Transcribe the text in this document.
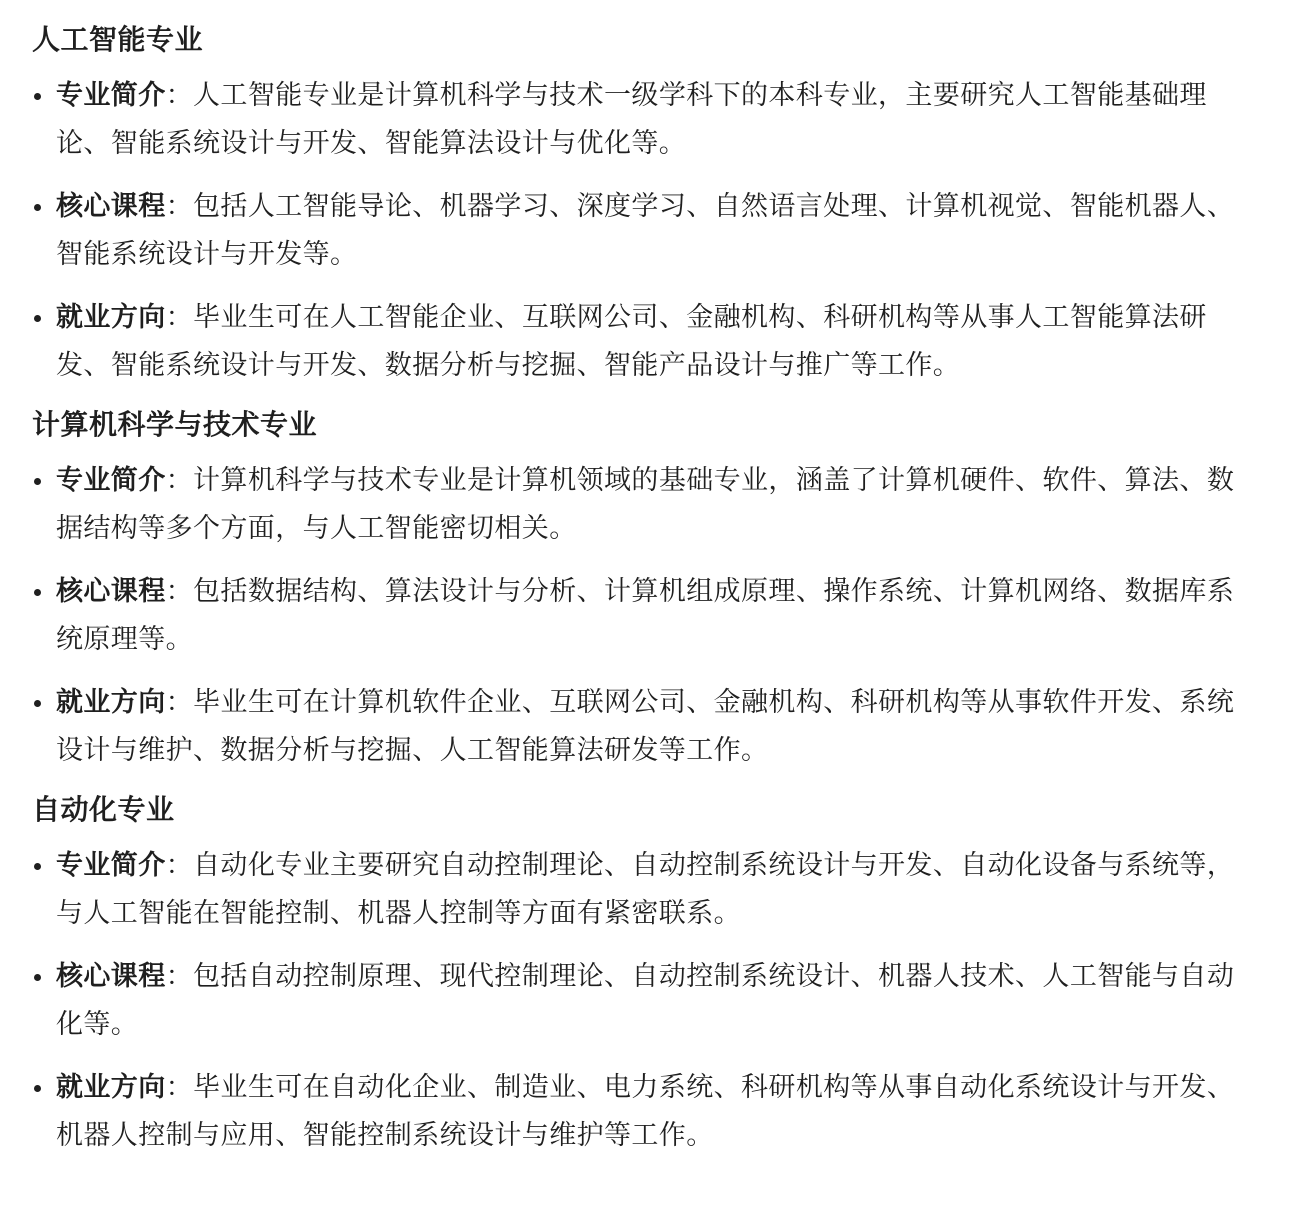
人工智能专业
专业简介：人工智能专业是计算机科学与技术一级学科下的本科专业，主要研究人工智能基础理论、智能系统设计与开发、智能算法设计与优化等。
核心课程：包括人工智能导论、机器学习、深度学习、自然语言处理、计算机视觉、智能机器人、智能系统设计与开发等。
就业方向：毕业生可在人工智能企业、互联网公司、金融机构、科研机构等从事人工智能算法研发、智能系统设计与开发、数据分析与挖掘、智能产品设计与推广等工作。
计算机科学与技术专业
专业简介：计算机科学与技术专业是计算机领域的基础专业，涵盖了计算机硬件、软件、算法、数据结构等多个方面，与人工智能密切相关。
核心课程：包括数据结构、算法设计与分析、计算机组成原理、操作系统、计算机网络、数据库系统原理等。
就业方向：毕业生可在计算机软件企业、互联网公司、金融机构、科研机构等从事软件开发、系统设计与维护、数据分析与挖掘、人工智能算法研发等工作。
自动化专业
专业简介：自动化专业主要研究自动控制理论、自动控制系统设计与开发、自动化设备与系统等，与人工智能在智能控制、机器人控制等方面有紧密联系。
核心课程：包括自动控制原理、现代控制理论、自动控制系统设计、机器人技术、人工智能与自动化等。
就业方向：毕业生可在自动化企业、制造业、电力系统、科研机构等从事自动化系统设计与开发、机器人控制与应用、智能控制系统设计与维护等工作。
